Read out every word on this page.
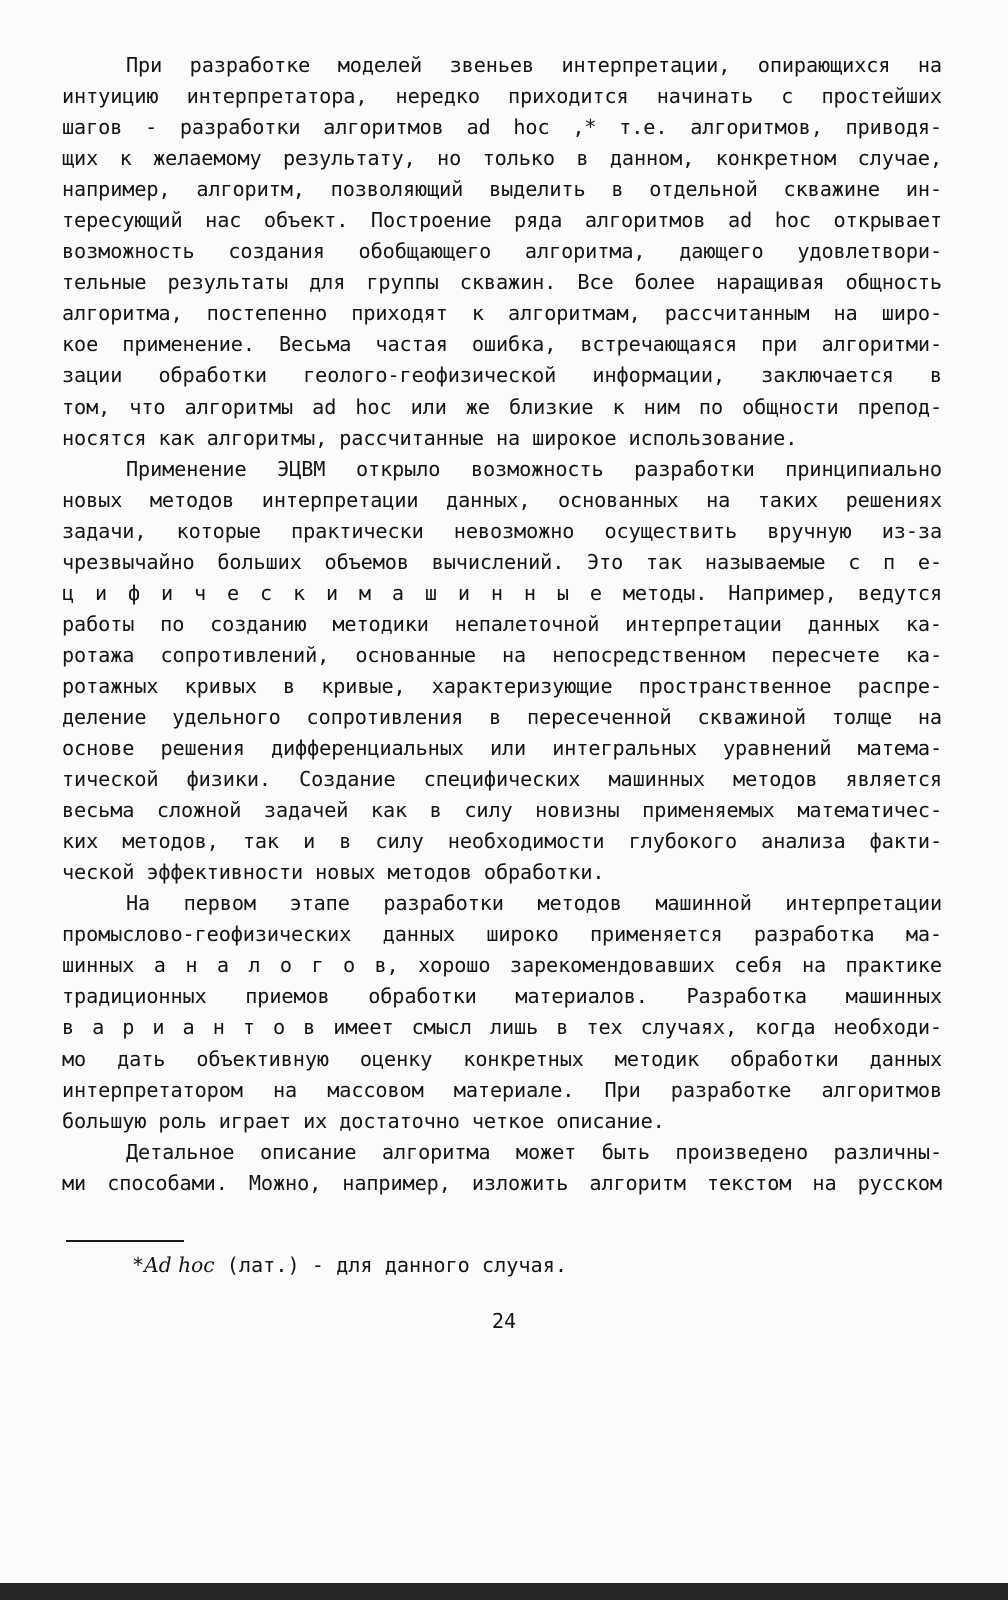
При разработке моделей звеньев интерпретации, опирающихся на
интуицию интерпретатора, нередко приходится начинать с простейших
шагов - разработки алгоритмов ad hoc ,* т.е. алгоритмов, приводя-
щих к желаемому результату, но только в данном, конкретном случае,
например, алгоритм, позволяющий выделить в отдельной скважине ин-
тересующий нас объект. Построение ряда алгоритмов ad hoc открывает
возможность создания обобщающего алгоритма, дающего удовлетвори-
тельные результаты для группы скважин. Все более наращивая общность
алгоритма, постепенно приходят к алгоритмам, рассчитанным на широ-
кое применение. Весьма частая ошибка, встречающаяся при алгоритми-
зации обработки геолого-геофизической информации, заключается в
том, что алгоритмы ad hoc или же близкие к ним по общности препод-
носятся как алгоритмы, рассчитанные на широкое использование.
Применение ЭЦВМ открыло возможность разработки принципиально
новых методов интерпретации данных, основанных на таких решениях
задачи, которые практически невозможно осуществить вручную из-за
чрезвычайно больших объемов вычислений. Это так называемые с п е-
ц и ф и ч е с к и м а ш и н н ы е методы. Например, ведутся
работы по созданию методики непалеточной интерпретации данных ка-
ротажа сопротивлений, основанные на непосредственном пересчете ка-
ротажных кривых в кривые, характеризующие пространственное распре-
деление удельного сопротивления в пересеченной скважиной толще на
основе решения дифференциальных или интегральных уравнений матема-
тической физики. Создание специфических машинных методов является
весьма сложной задачей как в силу новизны применяемых математичес-
ких методов, так и в силу необходимости глубокого анализа факти-
ческой эффективности новых методов обработки.
На первом этапе разработки методов машинной интерпретации
промыслово-геофизических данных широко применяется разработка ма-
шинных а н а л о г о в, хорошо зарекомендовавших себя на практике
традиционных приемов обработки материалов. Разработка машинных
в а р и а н т о в имеет смысл лишь в тех случаях, когда необходи-
мо дать объективную оценку конкретных методик обработки данных
интерпретатором на массовом материале. При разработке алгоритмов
большую роль играет их достаточно четкое описание.
Детальное описание алгоритма может быть произведено различны-
ми способами. Можно, например, изложить алгоритм текстом на русском
*Ad hoc (лат.) - для данного случая.
24
